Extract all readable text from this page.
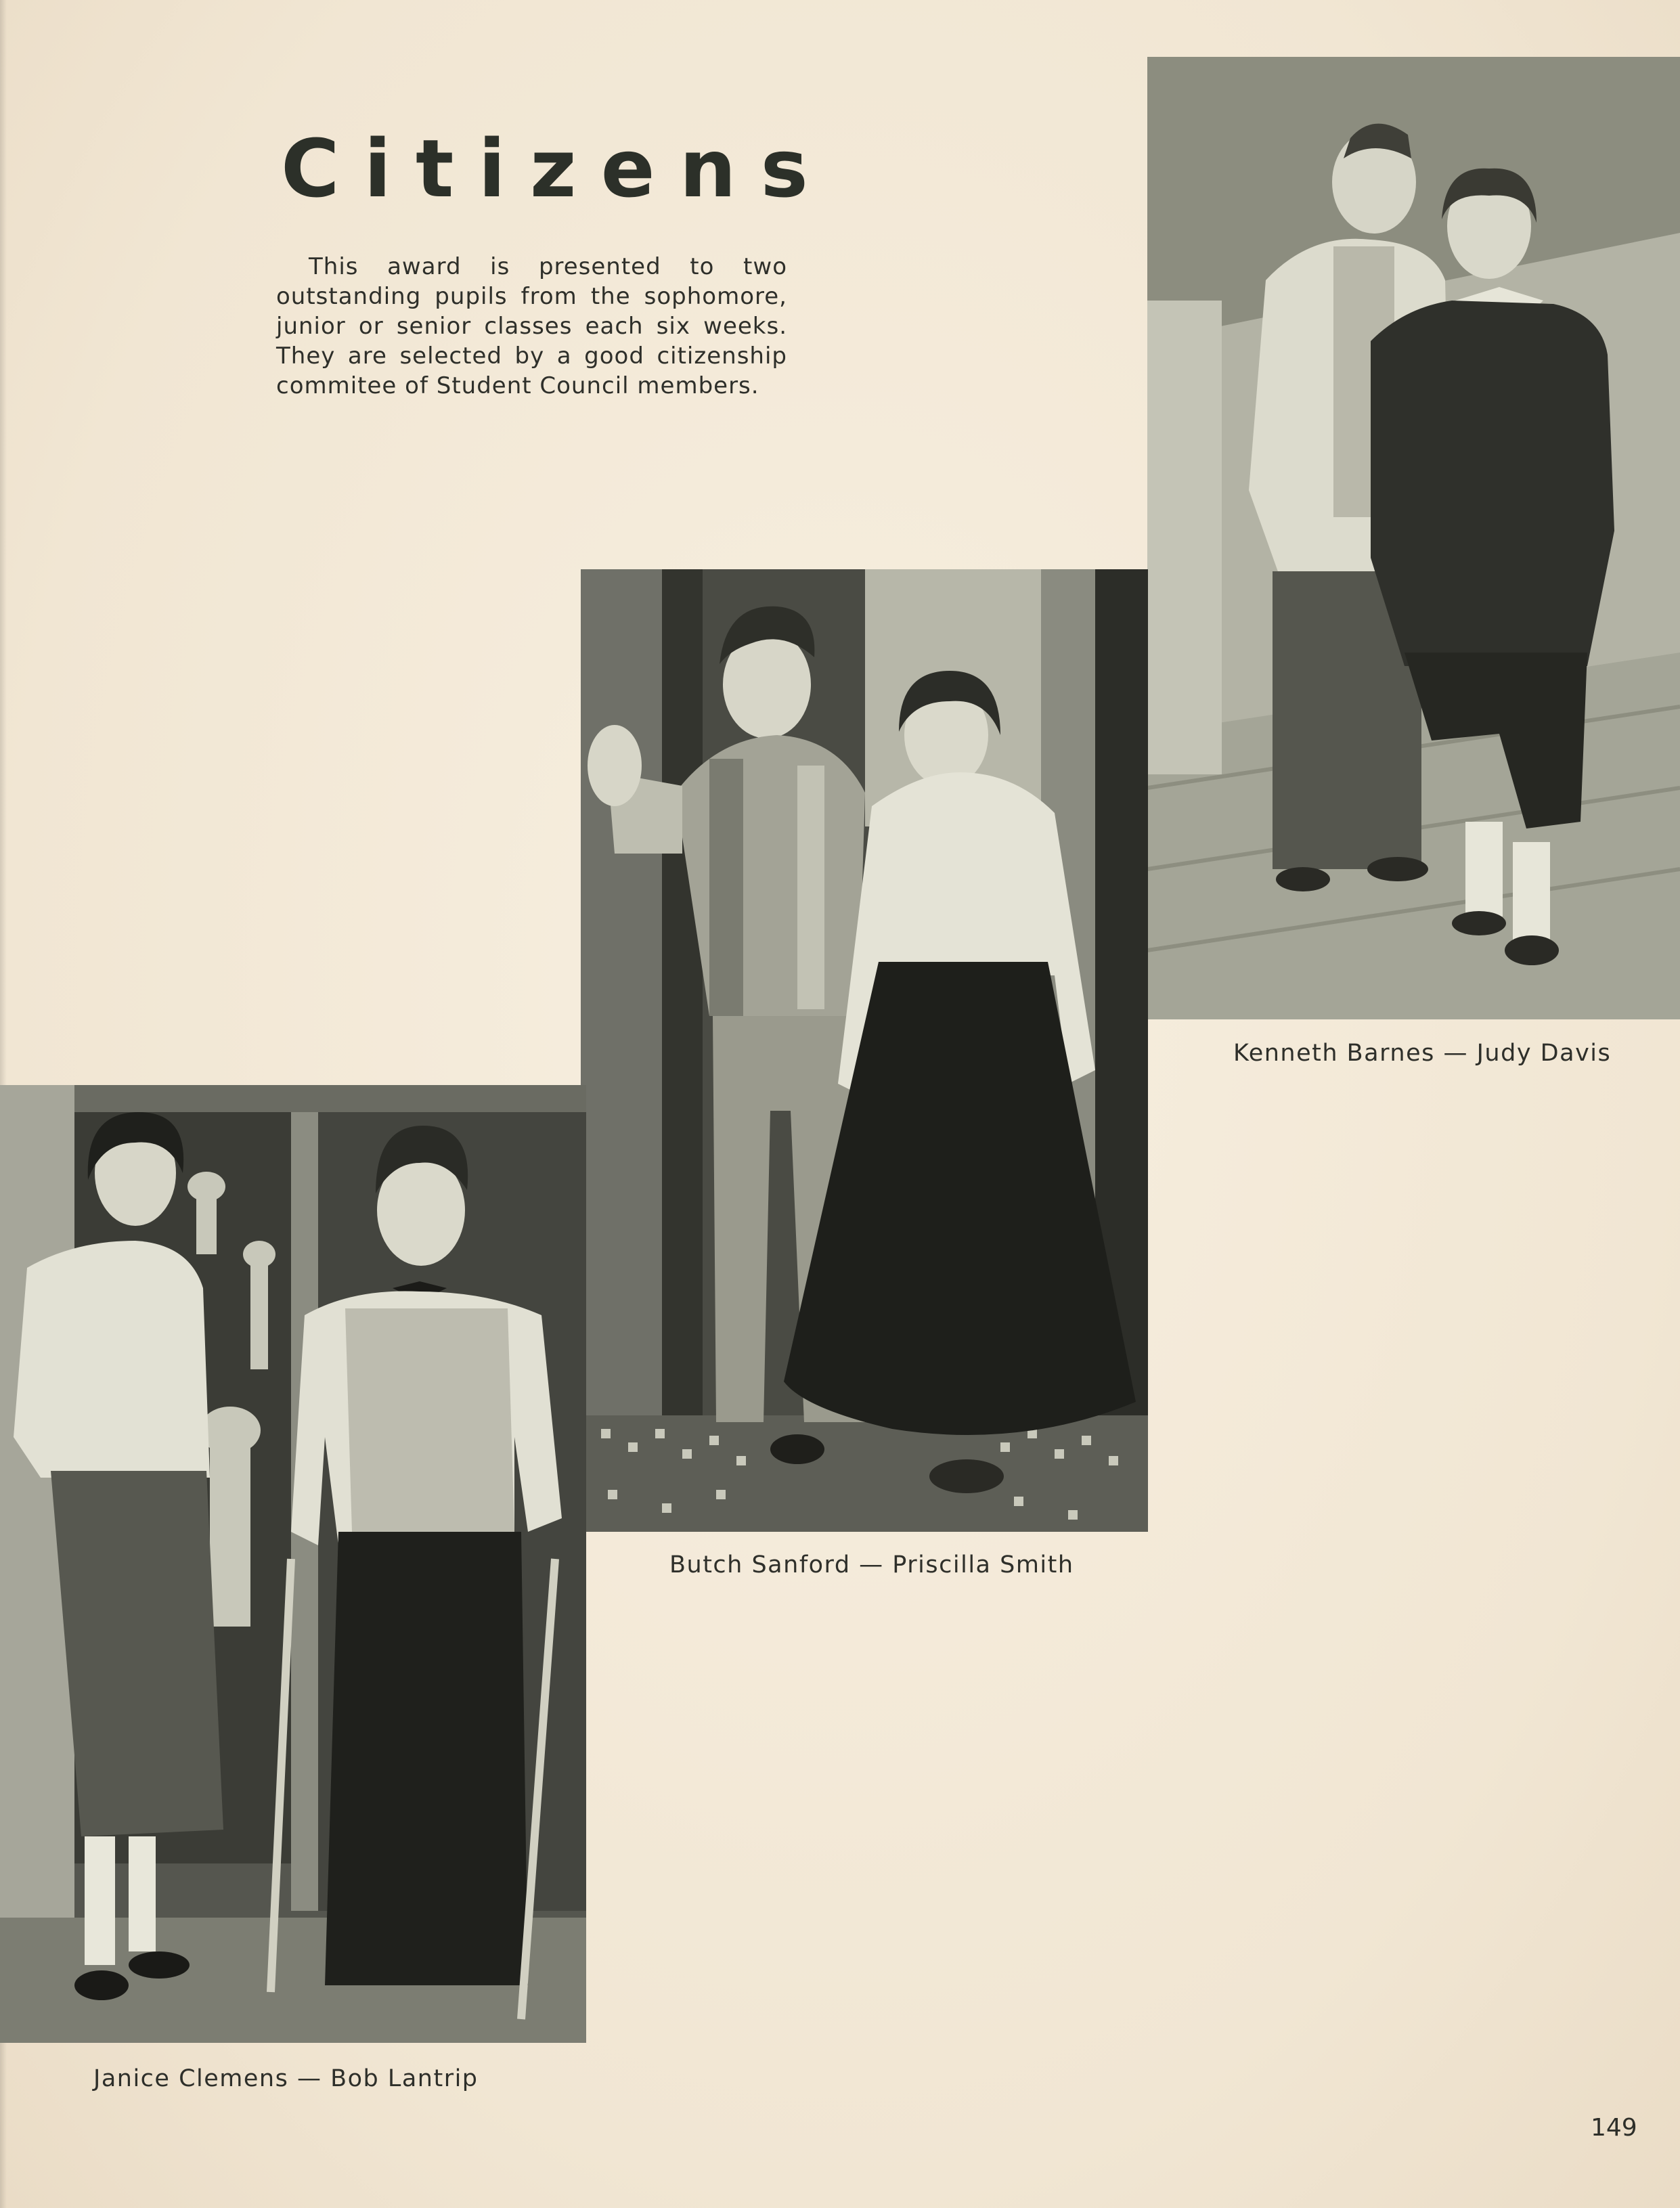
Citizens

This award is presented to two outstanding pupils from the sophomore, junior or senior classes each six weeks. They are selected by a good citizenship commitee of Student Council members.

Kenneth Barnes — Judy Davis
Butch Sanford — Priscilla Smith
Janice Clemens — Bob Lantrip
149
